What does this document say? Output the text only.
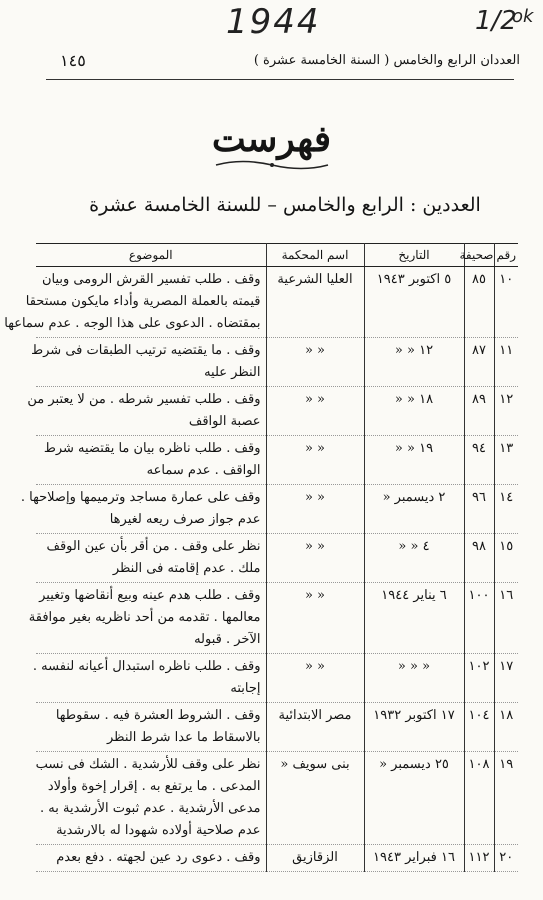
1944	1/2
ok
العددان الرابع والخامس ( السنة الخامسة عشرة )
١٤٥
فهرست
العددين : الرابع والخامس – للسنة الخامسة عشرة
رقم	صحيفة	التاريخ	اسم المحكمة	الموضوع
١٠	٨٥	٥ اكتوبر ١٩٤٣	العليا الشرعية	وقف . طلب تفسير القرش الرومى وبيان
قيمته بالعملة المصرية وأداء مايكون مستحقا
بمقتضاه . الدعوى على هذا الوجه . عدم سماعها

١١	٨٧	١٢ « «	« «	وقف . ما يقتضيه ترتيب الطبقات فى شرط
النظر عليه

١٢	٨٩	١٨ « «	« «	وقف . طلب تفسير شرطه . من لا يعتبر من
عصبة الواقف

١٣	٩٤	١٩ « «	« «	وقف . طلب ناظره بيان ما يقتضيه شرط
الواقف . عدم سماعه

١٤	٩٦	٢ ديسمبر «	« «	وقف على عمارة مساجد وترميمها وإصلاحها .
عدم جواز صرف ريعه لغيرها

١٥	٩٨	٤ « «	« «	نظر على وقف . من أقر بأن عين الوقف
ملك . عدم إقامته فى النظر

١٦	١٠٠	٦ يناير ١٩٤٤	« «	وقف . طلب هدم عينه وبيع أنقاضها وتغيير
معالمها . تقدمه من أحد ناظريه بغير موافقة
الآخر . قبوله

١٧	١٠٢	« « «	« «	وقف . طلب ناظره استبدال أعيانه لنفسه .
إجابته

١٨	١٠٤	١٧ اكتوبر ١٩٣٢	مصر الابتدائية	وقف . الشروط العشرة فيه . سقوطها
بالاسقاط ما عدا شرط النظر

١٩	١٠٨	٢٥ ديسمبر «	بنى سويف «	نظر على وقف للأرشدية . الشك فى نسب
المدعى . ما يرتفع به . إقرار إخوة وأولاد
مدعى الأرشدية . عدم ثبوت الأرشدية به .
عدم صلاحية أولاده شهودا له بالارشدية

٢٠	١١٢	١٦ فبراير ١٩٤٣	الزقازيق	وقف . دعوى رد عين لجهته . دفع بعدم
